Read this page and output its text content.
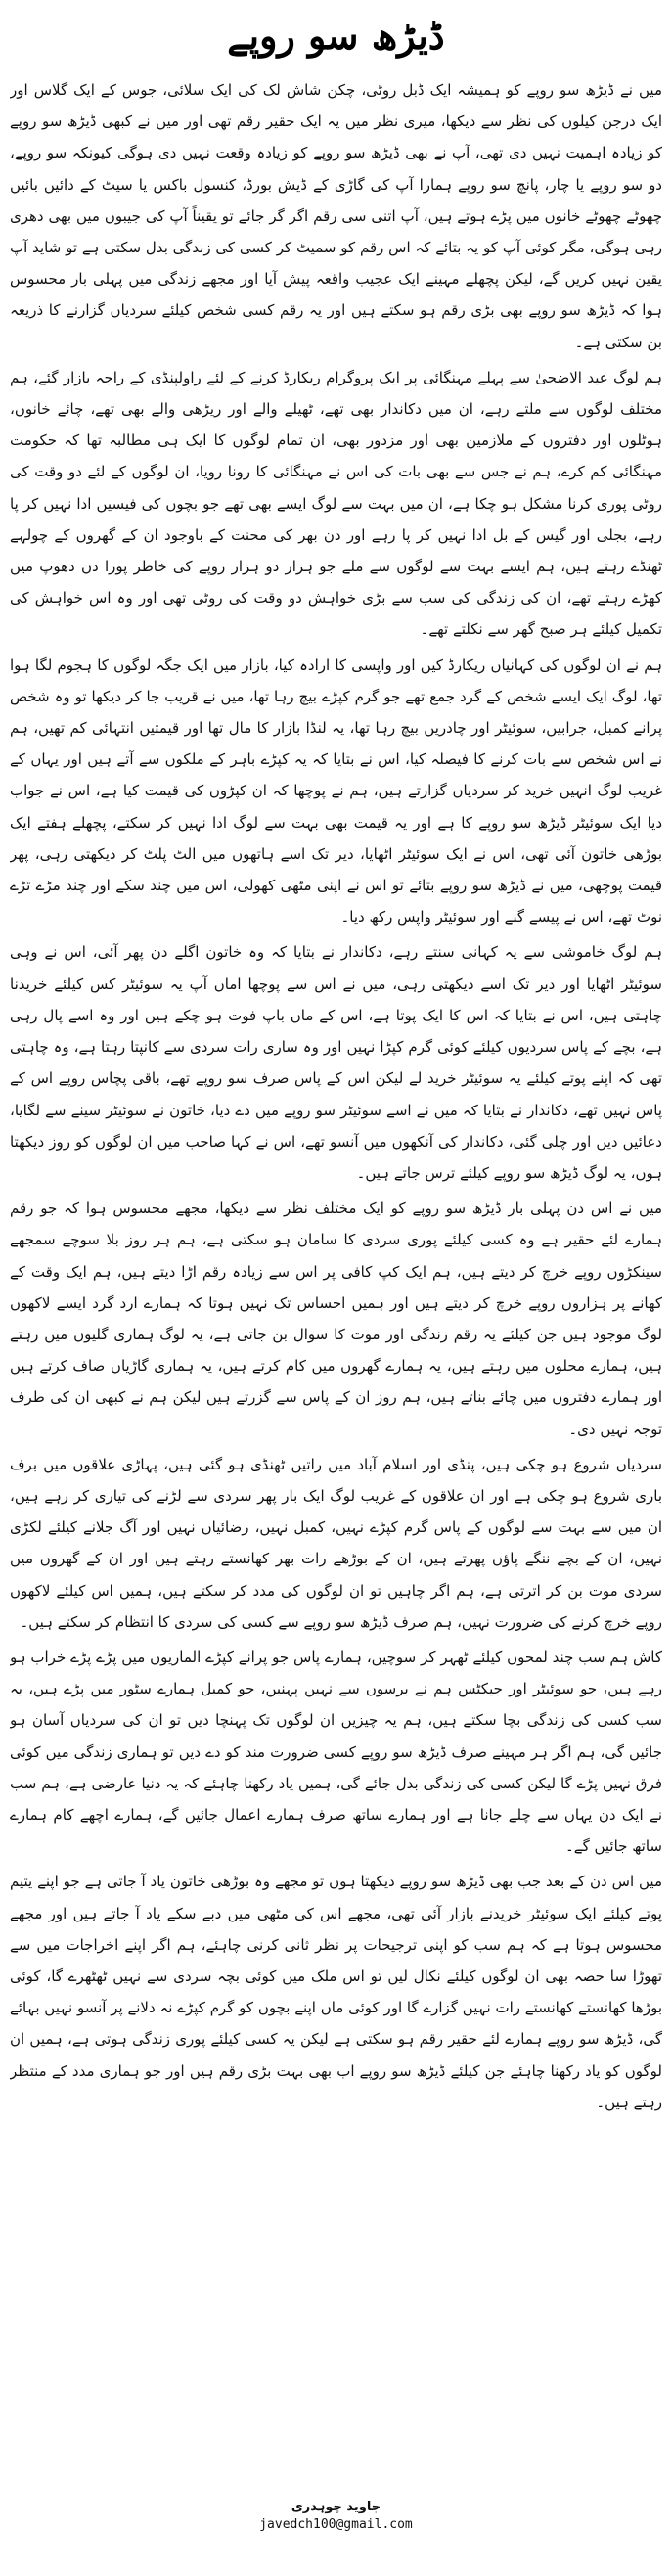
ڈیڑھ سو روپے

میں نے ڈیڑھ سو روپے کو ہمیشہ ایک ڈبل روٹی، چکن شاش لک کی ایک سلائی، جوس کے ایک گلاس اور ایک درجن کیلوں کی نظر سے دیکھا، میری نظر میں یہ ایک حقیر رقم تھی اور میں نے کبھی ڈیڑھ سو روپے کو زیادہ اہمیت نہیں دی تھی، آپ نے بھی ڈیڑھ سو روپے کو زیادہ وقعت نہیں دی ہوگی کیونکہ سو روپے، دو سو روپے یا چار، پانچ سو روپے ہمارا آپ کی گاڑی کے ڈیش بورڈ، کنسول باکس یا سیٹ کے دائیں بائیں چھوٹے چھوٹے خانوں میں پڑے ہوتے ہیں، آپ اتنی سی رقم اگر گر جائے تو یقیناً آپ کی جیبوں میں بھی دھری رہی ہوگی، مگر کوئی آپ کو یہ بتائے کہ اس رقم کو سمیٹ کر کسی کی زندگی بدل سکتی ہے تو شاید آپ یقین نہیں کریں گے، لیکن پچھلے مہینے ایک عجیب واقعہ پیش آیا اور مجھے زندگی میں پہلی بار محسوس ہوا کہ ڈیڑھ سو روپے بھی بڑی رقم ہو سکتے ہیں اور یہ رقم کسی شخص کیلئے سردیاں گزارنے کا ذریعہ بن سکتی ہے۔

ہم لوگ عید الاضحیٰ سے پہلے مہنگائی پر ایک پروگرام ریکارڈ کرنے کے لئے راولپنڈی کے راجہ بازار گئے، ہم مختلف لوگوں سے ملتے رہے، ان میں دکاندار بھی تھے، ٹھیلے والے اور ریڑھی والے بھی تھے، چائے خانوں، ہوٹلوں اور دفتروں کے ملازمین بھی اور مزدور بھی، ان تمام لوگوں کا ایک ہی مطالبہ تھا کہ حکومت مہنگائی کم کرے، ہم نے جس سے بھی بات کی اس نے مہنگائی کا رونا رویا، ان لوگوں کے لئے دو وقت کی روٹی پوری کرنا مشکل ہو چکا ہے، ان میں بہت سے لوگ ایسے بھی تھے جو بچوں کی فیسیں ادا نہیں کر پا رہے، بجلی اور گیس کے بل ادا نہیں کر پا رہے اور دن بھر کی محنت کے باوجود ان کے گھروں کے چولہے ٹھنڈے رہتے ہیں، ہم ایسے بہت سے لوگوں سے ملے جو ہزار دو ہزار روپے کی خاطر پورا دن دھوپ میں کھڑے رہتے تھے، ان کی زندگی کی سب سے بڑی خواہش دو وقت کی روٹی تھی اور وہ اس خواہش کی تکمیل کیلئے ہر صبح گھر سے نکلتے تھے۔

ہم نے ان لوگوں کی کہانیاں ریکارڈ کیں اور واپسی کا ارادہ کیا، بازار میں ایک جگہ لوگوں کا ہجوم لگا ہوا تھا، لوگ ایک ایسے شخص کے گرد جمع تھے جو گرم کپڑے بیچ رہا تھا، میں نے قریب جا کر دیکھا تو وہ شخص پرانے کمبل، جرابیں، سوئیٹر اور چادریں بیچ رہا تھا، یہ لنڈا بازار کا مال تھا اور قیمتیں انتہائی کم تھیں، ہم نے اس شخص سے بات کرنے کا فیصلہ کیا، اس نے بتایا کہ یہ کپڑے باہر کے ملکوں سے آتے ہیں اور یہاں کے غریب لوگ انہیں خرید کر سردیاں گزارتے ہیں، ہم نے پوچھا کہ ان کپڑوں کی قیمت کیا ہے، اس نے جواب دیا ایک سوئیٹر ڈیڑھ سو روپے کا ہے اور یہ قیمت بھی بہت سے لوگ ادا نہیں کر سکتے، پچھلے ہفتے ایک بوڑھی خاتون آئی تھی، اس نے ایک سوئیٹر اٹھایا، دیر تک اسے ہاتھوں میں الٹ پلٹ کر دیکھتی رہی، پھر قیمت پوچھی، میں نے ڈیڑھ سو روپے بتائے تو اس نے اپنی مٹھی کھولی، اس میں چند سکے اور چند مڑے تڑے نوٹ تھے، اس نے پیسے گنے اور سوئیٹر واپس رکھ دیا۔

ہم لوگ خاموشی سے یہ کہانی سنتے رہے، دکاندار نے بتایا کہ وہ خاتون اگلے دن پھر آئی، اس نے وہی سوئیٹر اٹھایا اور دیر تک اسے دیکھتی رہی، میں نے اس سے پوچھا اماں آپ یہ سوئیٹر کس کیلئے خریدنا چاہتی ہیں، اس نے بتایا کہ اس کا ایک پوتا ہے، اس کے ماں باپ فوت ہو چکے ہیں اور وہ اسے پال رہی ہے، بچے کے پاس سردیوں کیلئے کوئی گرم کپڑا نہیں اور وہ ساری رات سردی سے کانپتا رہتا ہے، وہ چاہتی تھی کہ اپنے پوتے کیلئے یہ سوئیٹر خرید لے لیکن اس کے پاس صرف سو روپے تھے، باقی پچاس روپے اس کے پاس نہیں تھے، دکاندار نے بتایا کہ میں نے اسے سوئیٹر سو روپے میں دے دیا، خاتون نے سوئیٹر سینے سے لگایا، دعائیں دیں اور چلی گئی، دکاندار کی آنکھوں میں آنسو تھے، اس نے کہا صاحب میں ان لوگوں کو روز دیکھتا ہوں، یہ لوگ ڈیڑھ سو روپے کیلئے ترس جاتے ہیں۔

میں نے اس دن پہلی بار ڈیڑھ سو روپے کو ایک مختلف نظر سے دیکھا، مجھے محسوس ہوا کہ جو رقم ہمارے لئے حقیر ہے وہ کسی کیلئے پوری سردی کا سامان ہو سکتی ہے، ہم ہر روز بلا سوچے سمجھے سینکڑوں روپے خرچ کر دیتے ہیں، ہم ایک کپ کافی پر اس سے زیادہ رقم اڑا دیتے ہیں، ہم ایک وقت کے کھانے پر ہزاروں روپے خرچ کر دیتے ہیں اور ہمیں احساس تک نہیں ہوتا کہ ہمارے ارد گرد ایسے لاکھوں لوگ موجود ہیں جن کیلئے یہ رقم زندگی اور موت کا سوال بن جاتی ہے، یہ لوگ ہماری گلیوں میں رہتے ہیں، ہمارے محلوں میں رہتے ہیں، یہ ہمارے گھروں میں کام کرتے ہیں، یہ ہماری گاڑیاں صاف کرتے ہیں اور ہمارے دفتروں میں چائے بناتے ہیں، ہم روز ان کے پاس سے گزرتے ہیں لیکن ہم نے کبھی ان کی طرف توجہ نہیں دی۔

سردیاں شروع ہو چکی ہیں، پنڈی اور اسلام آباد میں راتیں ٹھنڈی ہو گئی ہیں، پہاڑی علاقوں میں برف باری شروع ہو چکی ہے اور ان علاقوں کے غریب لوگ ایک بار پھر سردی سے لڑنے کی تیاری کر رہے ہیں، ان میں سے بہت سے لوگوں کے پاس گرم کپڑے نہیں، کمبل نہیں، رضائیاں نہیں اور آگ جلانے کیلئے لکڑی نہیں، ان کے بچے ننگے پاؤں پھرتے ہیں، ان کے بوڑھے رات بھر کھانستے رہتے ہیں اور ان کے گھروں میں سردی موت بن کر اترتی ہے، ہم اگر چاہیں تو ان لوگوں کی مدد کر سکتے ہیں، ہمیں اس کیلئے لاکھوں روپے خرچ کرنے کی ضرورت نہیں، ہم صرف ڈیڑھ سو روپے سے کسی کی سردی کا انتظام کر سکتے ہیں۔

کاش ہم سب چند لمحوں کیلئے ٹھہر کر سوچیں، ہمارے پاس جو پرانے کپڑے الماریوں میں پڑے پڑے خراب ہو رہے ہیں، جو سوئیٹر اور جیکٹس ہم نے برسوں سے نہیں پہنیں، جو کمبل ہمارے سٹور میں پڑے ہیں، یہ سب کسی کی زندگی بچا سکتے ہیں، ہم یہ چیزیں ان لوگوں تک پہنچا دیں تو ان کی سردیاں آسان ہو جائیں گی، ہم اگر ہر مہینے صرف ڈیڑھ سو روپے کسی ضرورت مند کو دے دیں تو ہماری زندگی میں کوئی فرق نہیں پڑے گا لیکن کسی کی زندگی بدل جائے گی، ہمیں یاد رکھنا چاہئے کہ یہ دنیا عارضی ہے، ہم سب نے ایک دن یہاں سے چلے جانا ہے اور ہمارے ساتھ صرف ہمارے اعمال جائیں گے، ہمارے اچھے کام ہمارے ساتھ جائیں گے۔

میں اس دن کے بعد جب بھی ڈیڑھ سو روپے دیکھتا ہوں تو مجھے وہ بوڑھی خاتون یاد آ جاتی ہے جو اپنے یتیم پوتے کیلئے ایک سوئیٹر خریدنے بازار آئی تھی، مجھے اس کی مٹھی میں دبے سکے یاد آ جاتے ہیں اور مجھے محسوس ہوتا ہے کہ ہم سب کو اپنی ترجیحات پر نظر ثانی کرنی چاہئے، ہم اگر اپنے اخراجات میں سے تھوڑا سا حصہ بھی ان لوگوں کیلئے نکال لیں تو اس ملک میں کوئی بچہ سردی سے نہیں ٹھٹھرے گا، کوئی بوڑھا کھانستے کھانستے رات نہیں گزارے گا اور کوئی ماں اپنے بچوں کو گرم کپڑے نہ دلانے پر آنسو نہیں بہائے گی، ڈیڑھ سو روپے ہمارے لئے حقیر رقم ہو سکتی ہے لیکن یہ کسی کیلئے پوری زندگی ہوتی ہے، ہمیں ان لوگوں کو یاد رکھنا چاہئے جن کیلئے ڈیڑھ سو روپے اب بھی بہت بڑی رقم ہیں اور جو ہماری مدد کے منتظر رہتے ہیں۔

جاوید چوہدری
javedch100@gmail.com
